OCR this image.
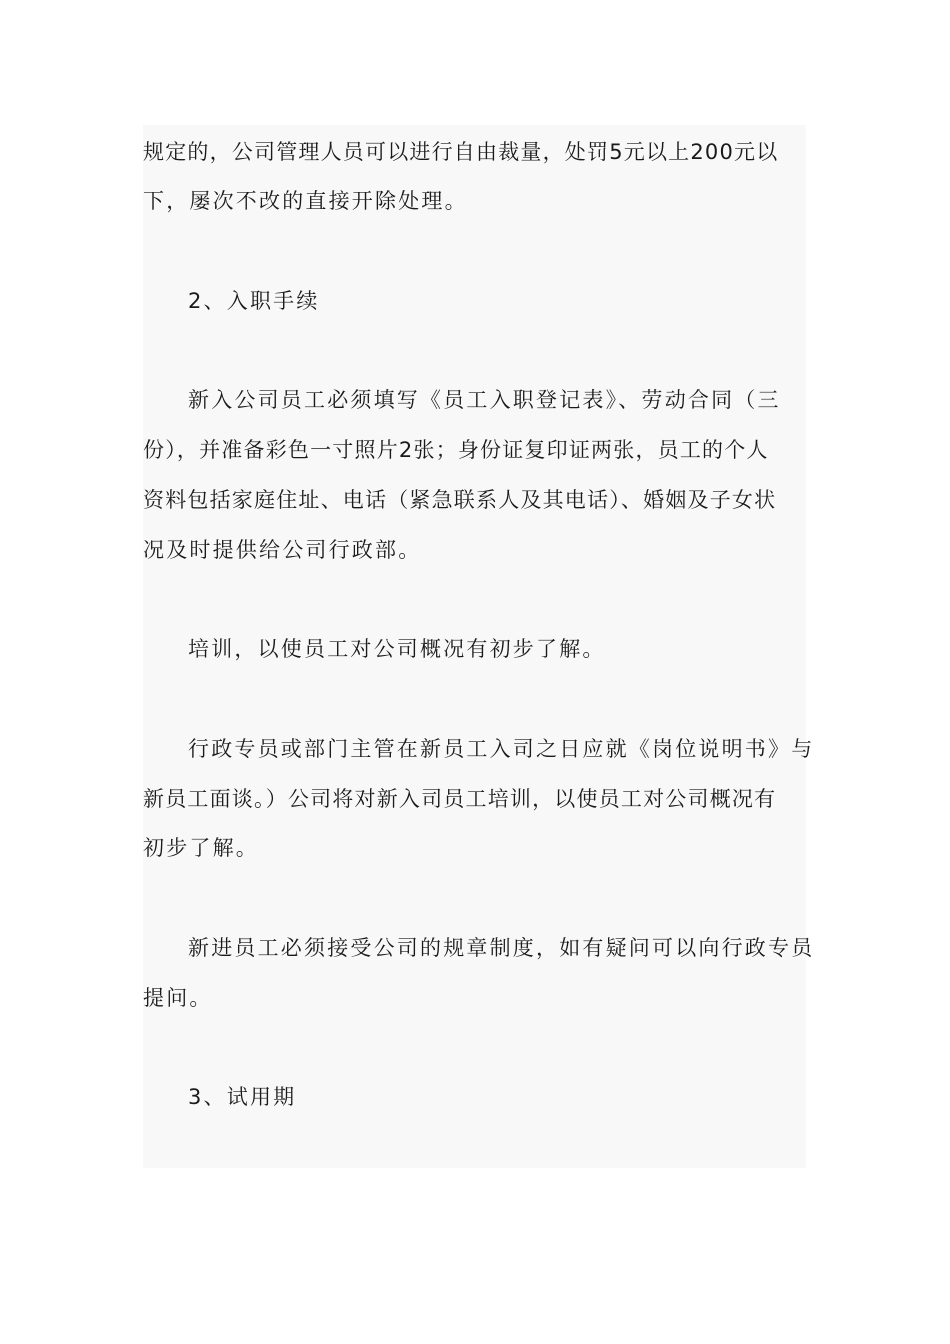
规定的，公司管理人员可以进行自由裁量，处罚5元以上200元以
下，屡次不改的直接开除处理。
2、入职手续
新入公司员工必须填写《员工入职登记表》、劳动合同（三
份），并准备彩色一寸照片2张；身份证复印证两张，员工的个人
资料包括家庭住址、电话（紧急联系人及其电话）、婚姻及子女状
况及时提供给公司行政部。
培训，以使员工对公司概况有初步了解。
行政专员或部门主管在新员工入司之日应就《岗位说明书》与
新员工面谈。）公司将对新入司员工培训，以使员工对公司概况有
初步了解。
新进员工必须接受公司的规章制度，如有疑问可以向行政专员
提问。
3、试用期
